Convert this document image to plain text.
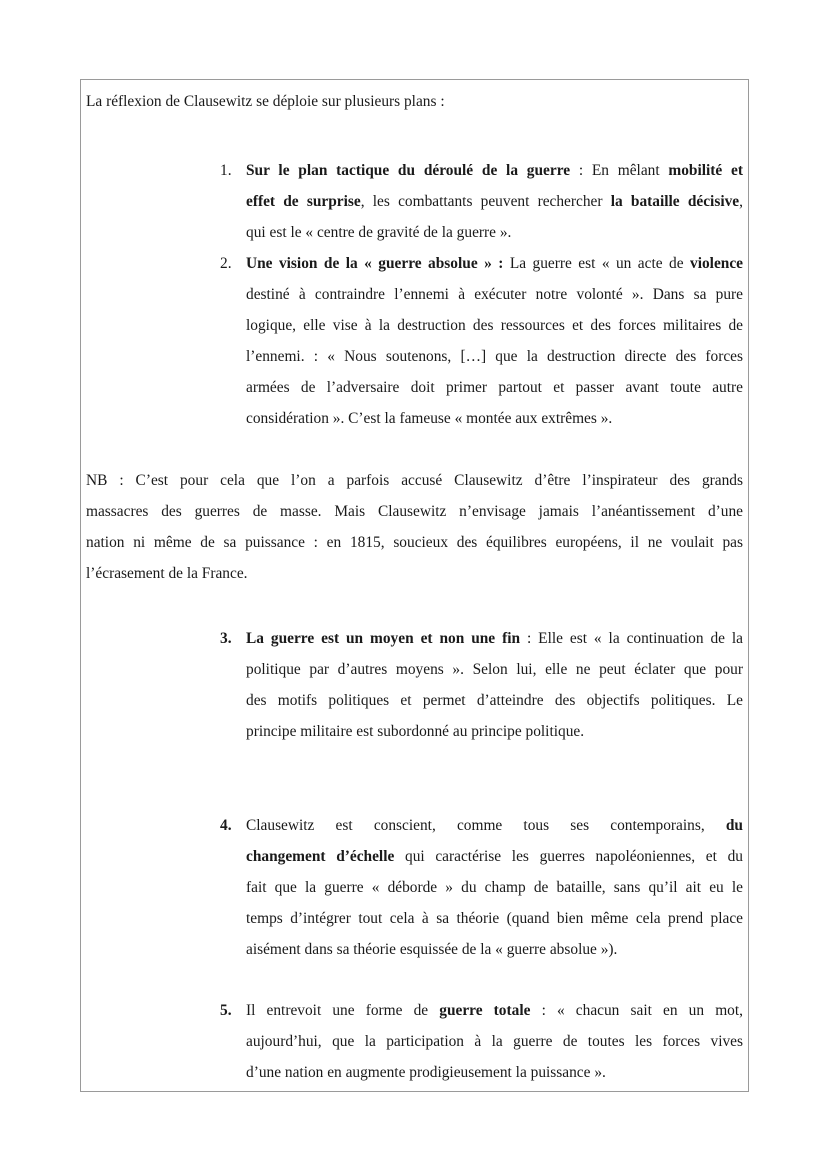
La réflexion de Clausewitz se déploie sur plusieurs plans :
1. Sur le plan tactique du déroulé de la guerre : En mêlant mobilité et
effet de surprise, les combattants peuvent rechercher la bataille décisive,
qui est le « centre de gravité de la guerre ».
2. Une vision de la « guerre absolue » : La guerre est « un acte de violence
destiné à contraindre l’ennemi à exécuter notre volonté ». Dans sa pure
logique, elle vise à la destruction des ressources et des forces militaires de
l’ennemi. : « Nous soutenons, […] que la destruction directe des forces
armées de l’adversaire doit primer partout et passer avant toute autre
considération ». C’est la fameuse « montée aux extrêmes ».
NB : C’est pour cela que l’on a parfois accusé Clausewitz d’être l’inspirateur des grands
massacres des guerres de masse. Mais Clausewitz n’envisage jamais l’anéantissement d’une
nation ni même de sa puissance : en 1815, soucieux des équilibres européens, il ne voulait pas
l’écrasement de la France.
3. La guerre est un moyen et non une fin : Elle est « la continuation de la
politique par d’autres moyens ». Selon lui, elle ne peut éclater que pour
des motifs politiques et permet d’atteindre des objectifs politiques. Le
principe militaire est subordonné au principe politique.
4. Clausewitz est conscient, comme tous ses contemporains, du
changement d’échelle qui caractérise les guerres napoléoniennes, et du
fait que la guerre « déborde » du champ de bataille, sans qu’il ait eu le
temps d’intégrer tout cela à sa théorie (quand bien même cela prend place
aisément dans sa théorie esquissée de la « guerre absolue »).
5. Il entrevoit une forme de guerre totale : « chacun sait en un mot,
aujourd’hui, que la participation à la guerre de toutes les forces vives
d’une nation en augmente prodigieusement la puissance ».
